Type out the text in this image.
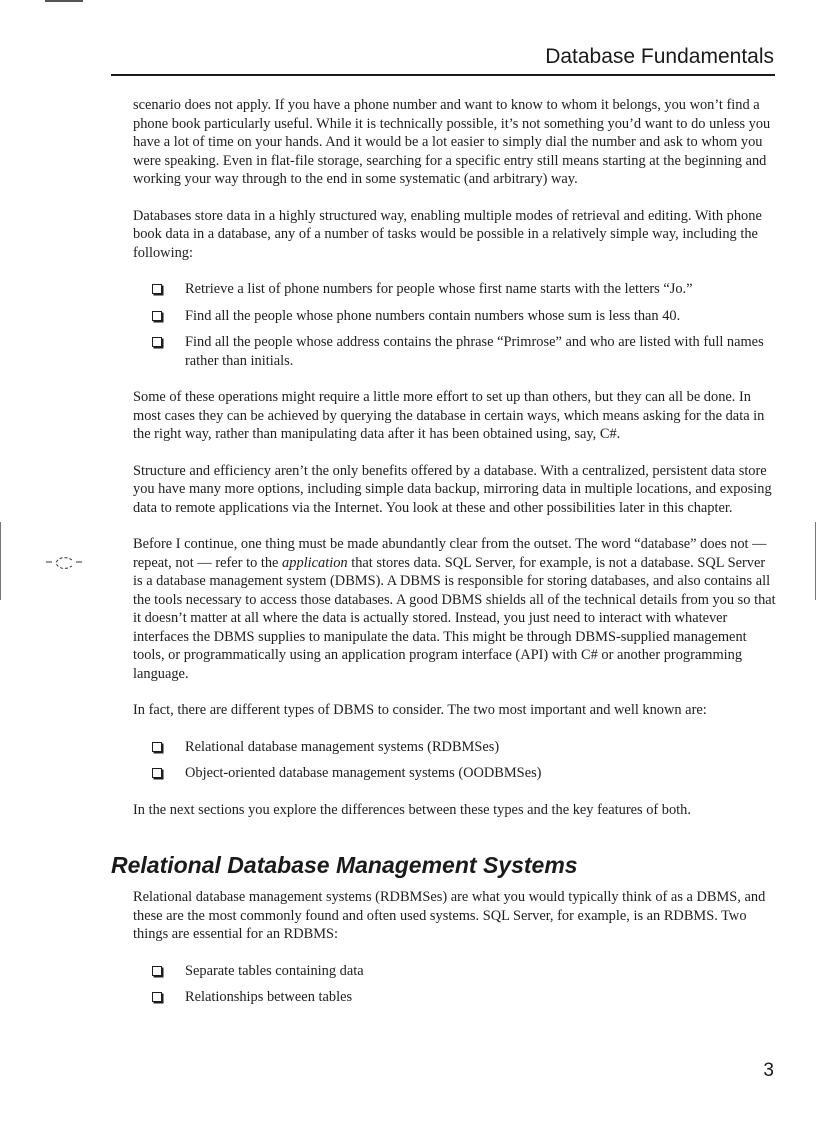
Database Fundamentals

scenario does not apply. If you have a phone number and want to know to whom it belongs, you won’t find a phone book particularly useful. While it is technically possible, it’s not something you’d want to do unless you have a lot of time on your hands. And it would be a lot easier to simply dial the number and ask to whom you were speaking. Even in flat-file storage, searching for a specific entry still means starting at the beginning and working your way through to the end in some systematic (and arbitrary) way.

Databases store data in a highly structured way, enabling multiple modes of retrieval and editing. With phone book data in a database, any of a number of tasks would be possible in a relatively simple way, including the following:

Retrieve a list of phone numbers for people whose first name starts with the letters “Jo.”
Find all the people whose phone numbers contain numbers whose sum is less than 40.
Find all the people whose address contains the phrase “Primrose” and who are listed with full names rather than initials.

Some of these operations might require a little more effort to set up than others, but they can all be done. In most cases they can be achieved by querying the database in certain ways, which means asking for the data in the right way, rather than manipulating data after it has been obtained using, say, C#.

Structure and efficiency aren’t the only benefits offered by a database. With a centralized, persistent data store you have many more options, including simple data backup, mirroring data in multiple locations, and exposing data to remote applications via the Internet. You look at these and other possibilities later in this chapter.

Before I continue, one thing must be made abundantly clear from the outset. The word “database” does not — repeat, not — refer to the application that stores data. SQL Server, for example, is not a database. SQL Server is a database management system (DBMS). A DBMS is responsible for storing databases, and also contains all the tools necessary to access those databases. A good DBMS shields all of the technical details from you so that it doesn’t matter at all where the data is actually stored. Instead, you just need to interact with whatever interfaces the DBMS supplies to manipulate the data. This might be through DBMS-supplied management tools, or programmatically using an application program interface (API) with C# or another programming language.

In fact, there are different types of DBMS to consider. The two most important and well known are:

Relational database management systems (RDBMSes)
Object-oriented database management systems (OODBMSes)

In the next sections you explore the differences between these types and the key features of both.

Relational Database Management Systems

Relational database management systems (RDBMSes) are what you would typically think of as a DBMS, and these are the most commonly found and often used systems. SQL Server, for example, is an RDBMS. Two things are essential for an RDBMS:

Separate tables containing data
Relationships between tables
3
